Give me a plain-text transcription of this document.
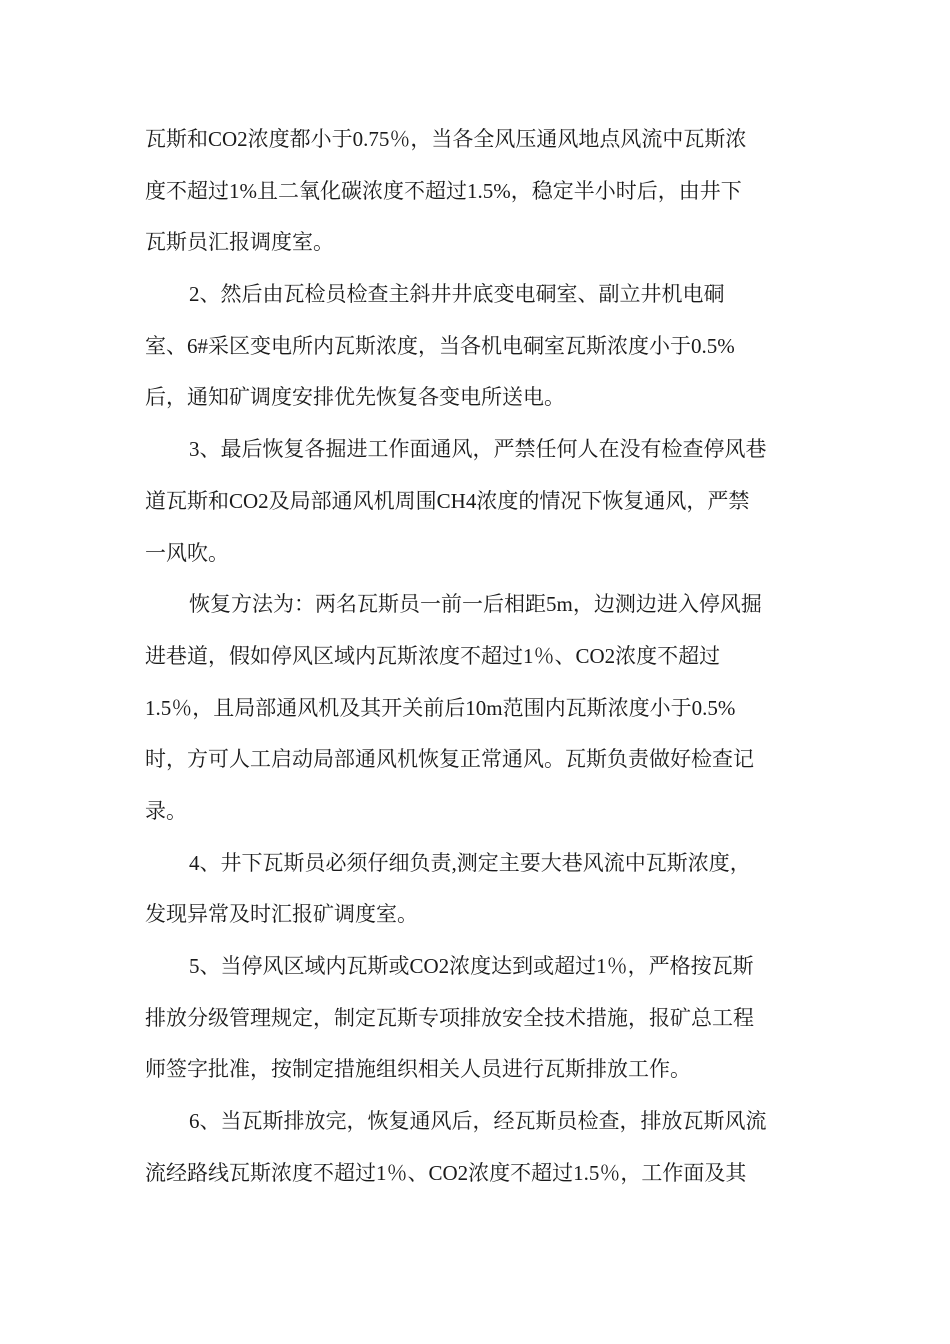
瓦斯和CO2浓度都小于0.75％，当各全风压通风地点风流中瓦斯浓
度不超过1%且二氧化碳浓度不超过1.5%，稳定半小时后，由井下
瓦斯员汇报调度室。
2、然后由瓦检员检查主斜井井底变电硐室、副立井机电硐
室、6#采区变电所内瓦斯浓度，当各机电硐室瓦斯浓度小于0.5%
后，通知矿调度安排优先恢复各变电所送电。
3、最后恢复各掘进工作面通风，严禁任何人在没有检查停风巷
道瓦斯和CO2及局部通风机周围CH4浓度的情况下恢复通风，严禁
一风吹。
恢复方法为：两名瓦斯员一前一后相距5m，边测边进入停风掘
进巷道，假如停风区域内瓦斯浓度不超过1％、CO2浓度不超过
1.5％，且局部通风机及其开关前后10m范围内瓦斯浓度小于0.5%
时，方可人工启动局部通风机恢复正常通风。瓦斯负责做好检查记
录。
4、井下瓦斯员必须仔细负责,测定主要大巷风流中瓦斯浓度，
发现异常及时汇报矿调度室。
5、当停风区域内瓦斯或CO2浓度达到或超过1％，严格按瓦斯
排放分级管理规定，制定瓦斯专项排放安全技术措施，报矿总工程
师签字批准，按制定措施组织相关人员进行瓦斯排放工作。
6、当瓦斯排放完，恢复通风后，经瓦斯员检查，排放瓦斯风流
流经路线瓦斯浓度不超过1％、CO2浓度不超过1.5％，工作面及其
